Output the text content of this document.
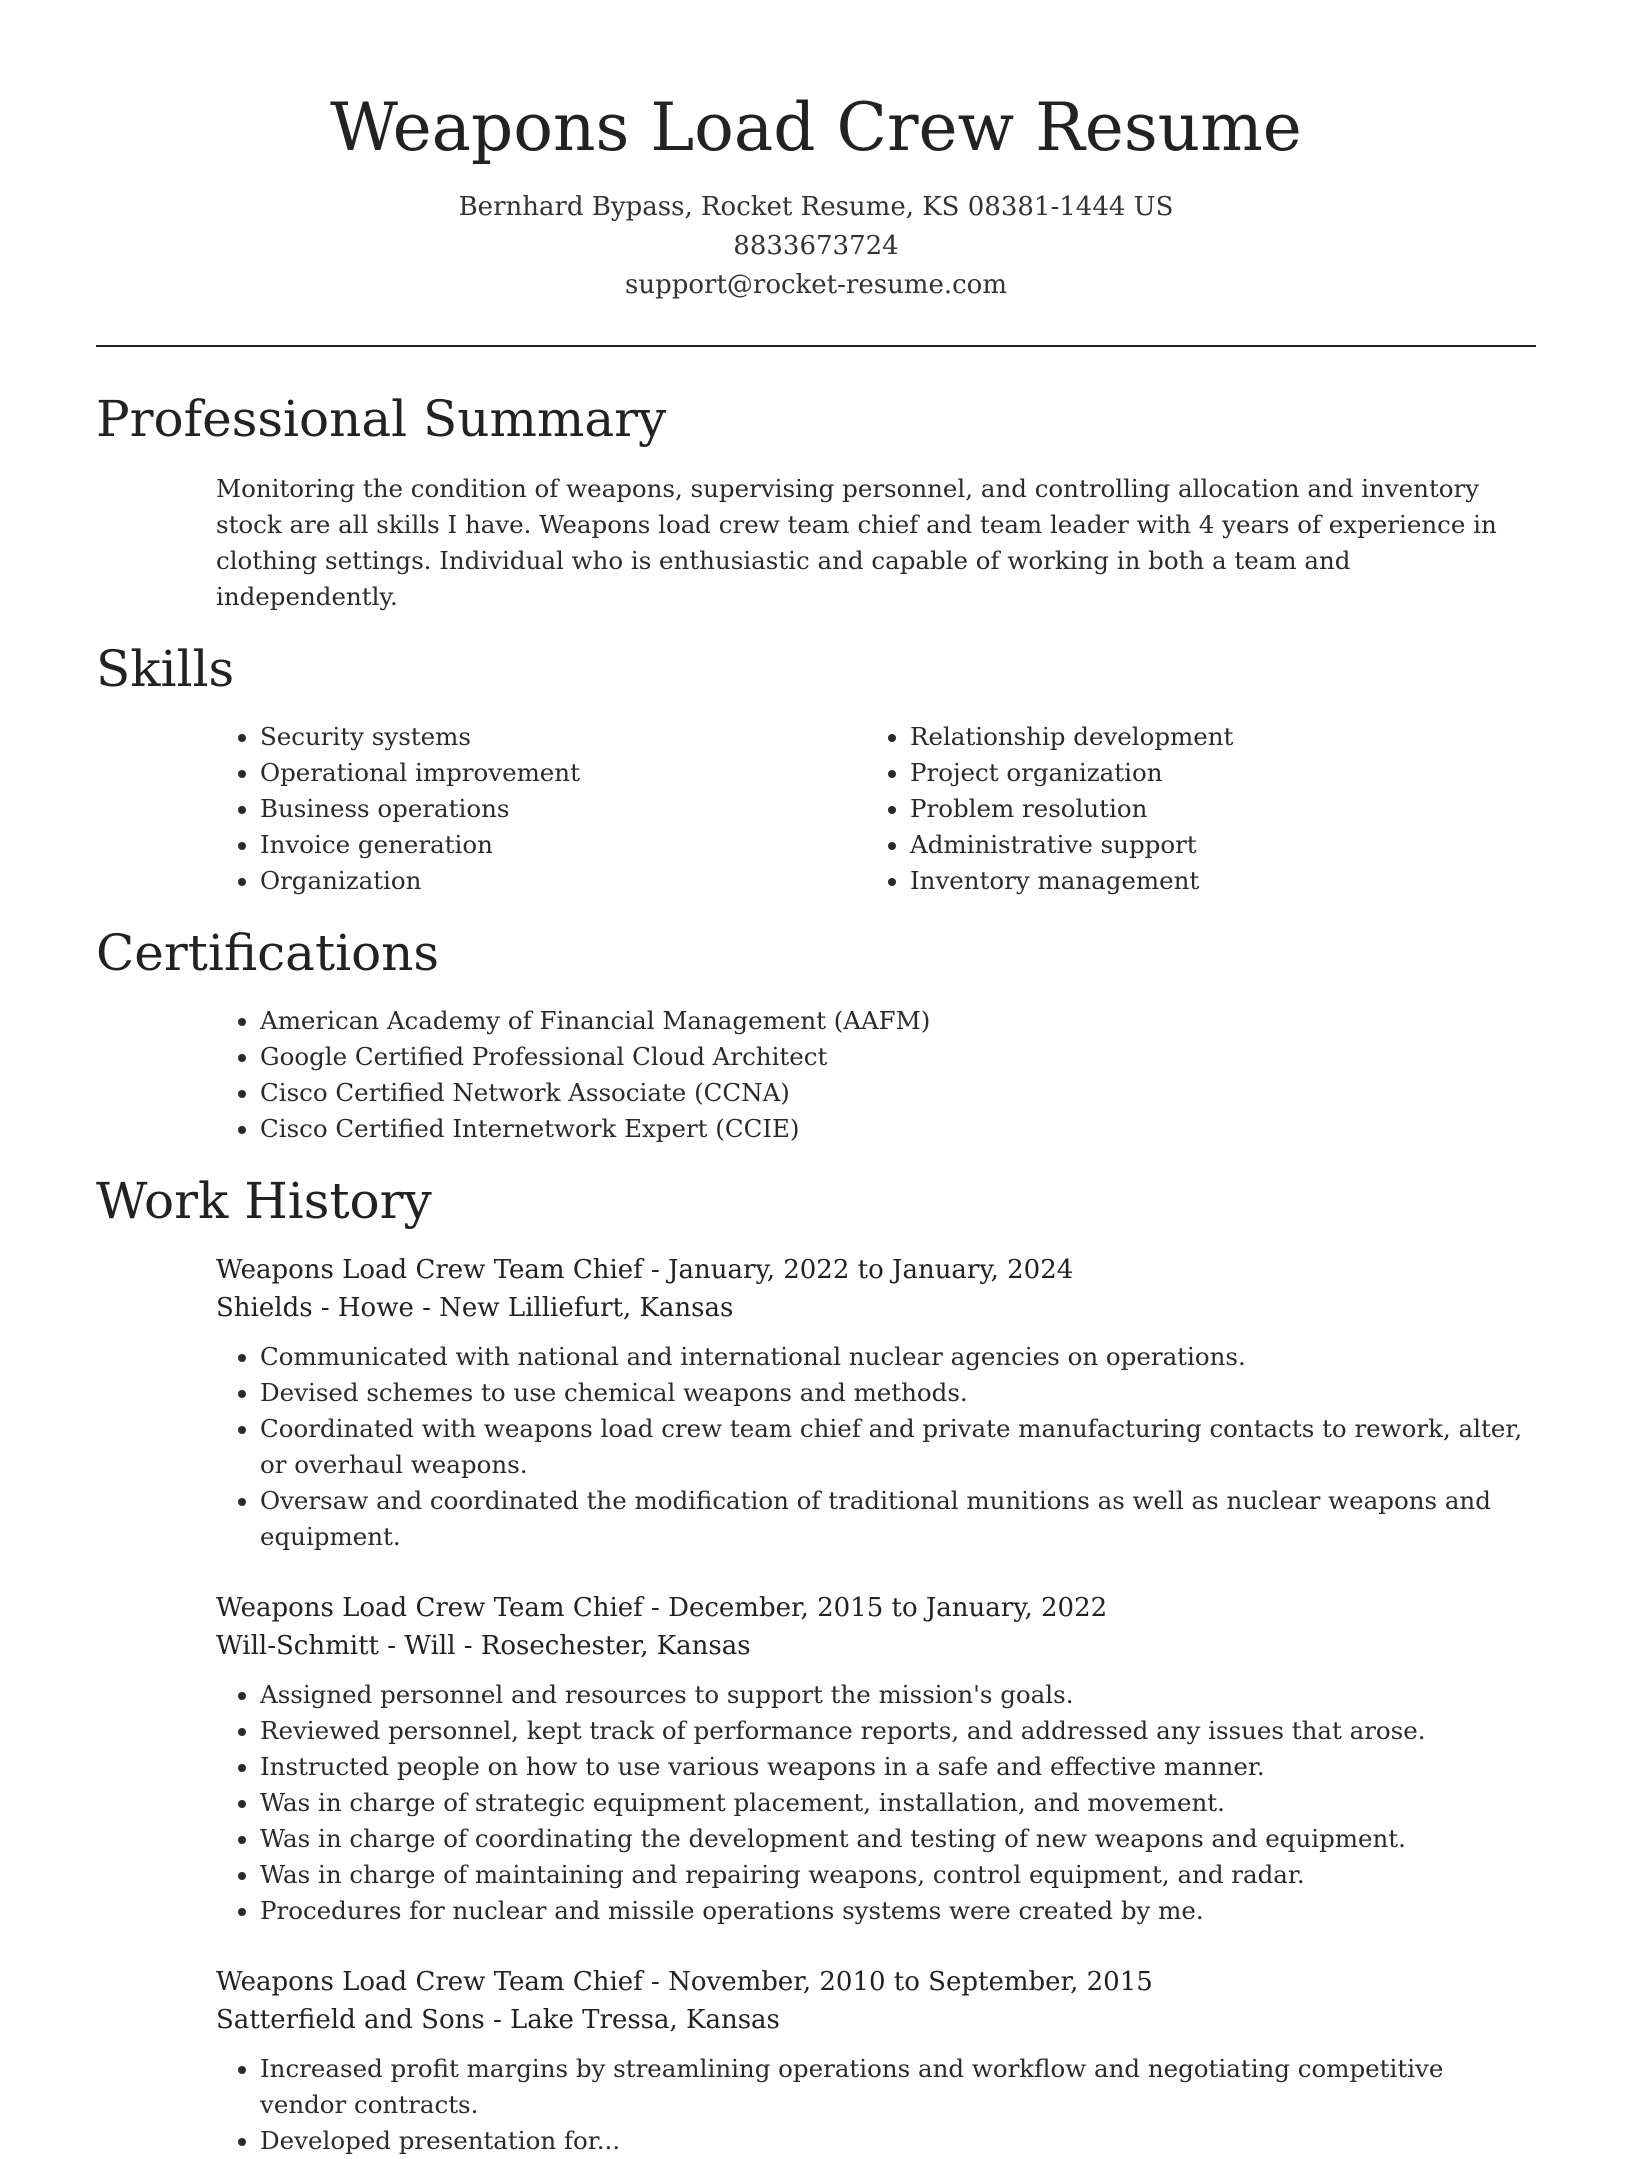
Weapons Load Crew Resume
Bernhard Bypass, Rocket Resume, KS 08381-1444 US
8833673724
support@rocket-resume.com
Professional Summary

Monitoring the condition of weapons, supervising personnel, and controlling allocation and inventory stock are all skills I have. Weapons load crew team chief and team leader with 4 years of experience in clothing settings. Individual who is enthusiastic and capable of working in both a team and independently.

Skills
• Security systems
• Operational improvement
• Business operations
• Invoice generation
• Organization
• Relationship development
• Project organization
• Problem resolution
• Administrative support
• Inventory management
Certifications
• American Academy of Financial Management (AAFM)
• Google Certified Professional Cloud Architect
• Cisco Certified Network Associate (CCNA)
• Cisco Certified Internetwork Expert (CCIE)
Work History
Weapons Load Crew Team Chief - January, 2022 to January, 2024
Shields - Howe - New Lilliefurt, Kansas
• Communicated with national and international nuclear agencies on operations.
• Devised schemes to use chemical weapons and methods.
• Coordinated with weapons load crew team chief and private manufacturing contacts to rework, alter, or overhaul weapons.
• Oversaw and coordinated the modification of traditional munitions as well as nuclear weapons and equipment.
Weapons Load Crew Team Chief - December, 2015 to January, 2022
Will-Schmitt - Will - Rosechester, Kansas
• Assigned personnel and resources to support the mission's goals.
• Reviewed personnel, kept track of performance reports, and addressed any issues that arose.
• Instructed people on how to use various weapons in a safe and effective manner.
• Was in charge of strategic equipment placement, installation, and movement.
• Was in charge of coordinating the development and testing of new weapons and equipment.
• Was in charge of maintaining and repairing weapons, control equipment, and radar.
• Procedures for nuclear and missile operations systems were created by me.
Weapons Load Crew Team Chief - November, 2010 to September, 2015
Satterfield and Sons - Lake Tressa, Kansas
• Increased profit margins by streamlining operations and workflow and negotiating competitive vendor contracts.
• Developed presentation for...
